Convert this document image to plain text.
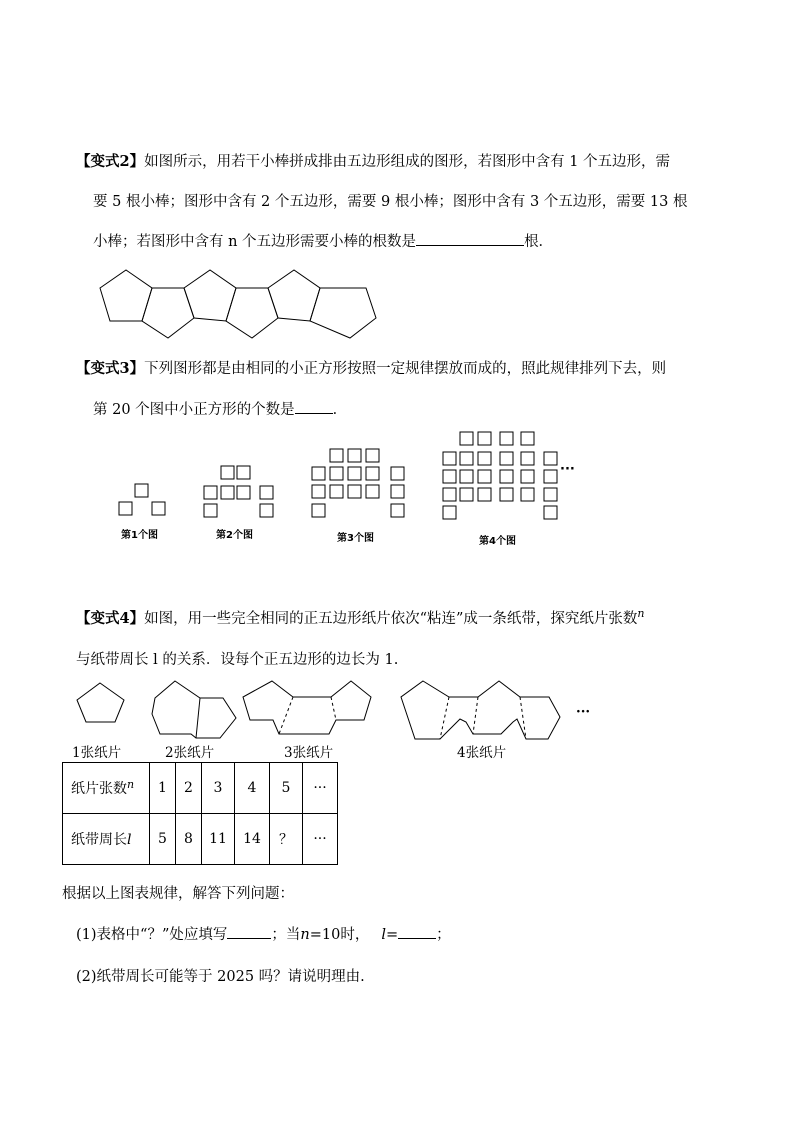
【变式2】如图所示，用若干小棒拼成排由五边形组成的图形，若图形中含有 1 个五边形，需
要 5 根小棒；图形中含有 2 个五边形，需要 9 根小棒；图形中含有 3 个五边形，需要 13 根
小棒；若图形中含有 n 个五边形需要小棒的根数是	根．
【变式3】下列图形都是由相同的小正方形按照一定规律摆放而成的，照此规律排列下去，则
第 20 个图中小正方形的个数是	．
【变式4】如图，用一些完全相同的正五边形纸片依次“粘连”成一条纸带，探究纸片张数$^n$
与纸带周长 l 的关系．设每个正五边形的边长为 1.
第1个图	第2个图	第3个图	第4个图
···
1张纸片	2张纸片	3张纸片	4张纸片
···
纸片张数$^n$	1	2	3	4	5	···
纸带周长l	5	8	11	14	？	···
根据以上图表规律，解答下列问题：
(1)表格中“？”处应填写	；当n=10时， l=	；
(2)纸带周长可能等于 2025 吗？请说明理由.
